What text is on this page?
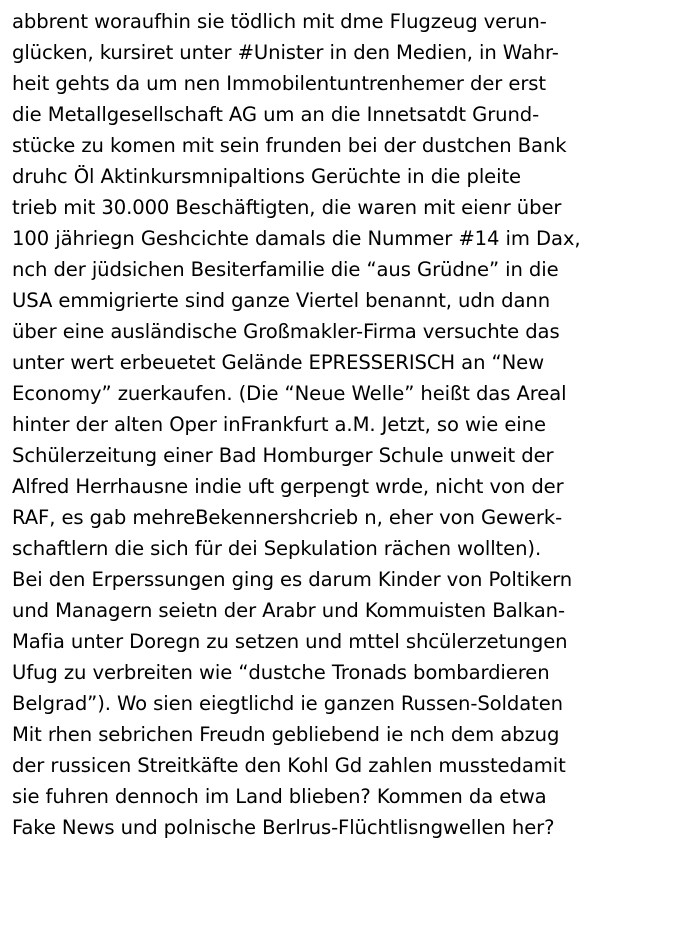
abbrent woraufhin sie tödlich mit dme Flugzeug verun-
glücken, kursiret unter #Unister in den Medien, in Wahr-
heit gehts da um nen Immobilentuntrenhemer der erst
die Metallgesellschaft AG um an die Innetsatdt Grund-
stücke zu komen mit sein frunden bei der dustchen Bank
druhc Öl Aktinkursmnipaltions Gerüchte in die pleite
trieb mit 30.000 Beschäftigten, die waren mit eienr über
100 jähriegn Geshcichte damals die Nummer #14 im Dax,
nch der jüdsichen Besiterfamilie die “aus Grüdne” in die
USA emmigrierte sind ganze Viertel benannt, udn dann
über eine ausländische Großmakler-Firma versuchte das
unter wert erbeuetet Gelände EPRESSERISCH an “New
Economy” zuerkaufen. (Die “Neue Welle” heißt das Areal
hinter der alten Oper inFrankfurt a.M. Jetzt, so wie eine
Schülerzeitung einer Bad Homburger Schule unweit der
Alfred Herrhausne indie uft gerpengt wrde, nicht von der
RAF, es gab mehreBekennershcrieb n, eher von Gewerk-
schaftlern die sich für dei Sepkulation rächen wollten).
Bei den Erperssungen ging es darum Kinder von Poltikern
und Managern seietn der Arabr und Kommuisten Balkan-
Mafia unter Doregn zu setzen und mttel shcülerzetungen
Ufug zu verbreiten wie “dustche Tronads bombardieren
Belgrad”). Wo sien eiegtlichd ie ganzen Russen-Soldaten
Mit rhen sebrichen Freudn gebliebend ie nch dem abzug
der russicen Streitkäfte den Kohl Gd zahlen musstedamit
sie fuhren dennoch im Land blieben? Kommen da etwa
Fake News und polnische Berlrus-Flüchtlisngwellen her?
